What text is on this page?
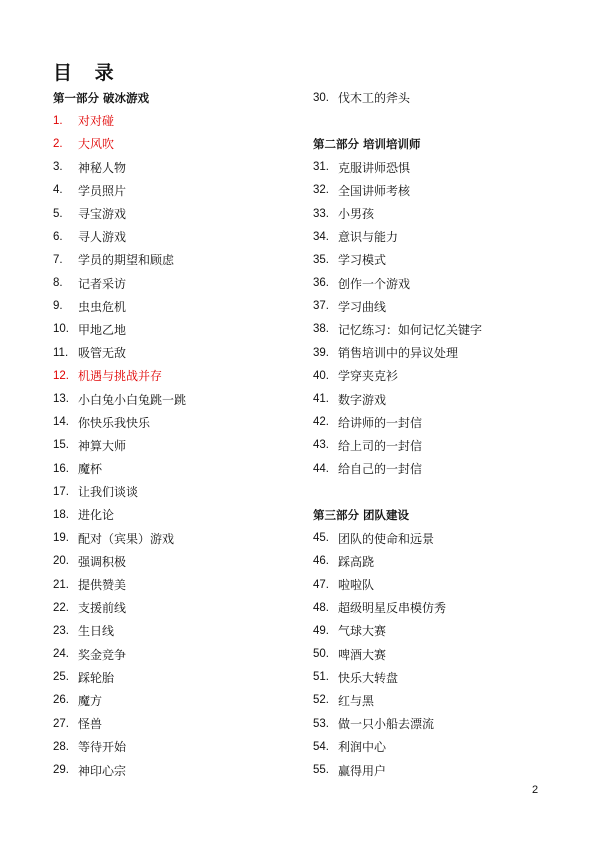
目 录
第一部分 破冰游戏
1.	对对碰
2.	大风吹
3.	神秘人物
4.	学员照片
5.	寻宝游戏
6.	寻人游戏
7.	学员的期望和顾虑
8.	记者采访
9.	虫虫危机
10. 甲地乙地
11. 吸管无敌
12. 机遇与挑战并存
13. 小白兔小白兔跳一跳
14. 你快乐我快乐
15. 神算大师
16. 魔杯
17. 让我们谈谈
18. 进化论
19. 配对（宾果）游戏
20. 强调积极
21. 提供赞美
22. 支援前线
23. 生日线
24. 奖金竞争
25. 踩轮胎
26. 魔方
27. 怪兽
28. 等待开始
29. 神印心宗
30. 伐木工的斧头
第二部分 培训培训师
31. 克服讲师恐惧
32. 全国讲师考核
33. 小男孩
34. 意识与能力
35. 学习模式
36. 创作一个游戏
37. 学习曲线
38. 记忆练习：如何记忆关键字
39. 销售培训中的异议处理
40. 学穿夹克衫
41. 数字游戏
42. 给讲师的一封信
43. 给上司的一封信
44. 给自己的一封信
第三部分 团队建设
45. 团队的使命和远景
46. 踩高跷
47. 啦啦队
48. 超级明星反串模仿秀
49. 气球大赛
50. 啤酒大赛
51. 快乐大转盘
52. 红与黑
53. 做一只小船去漂流
54. 利润中心
55. 赢得用户
2
